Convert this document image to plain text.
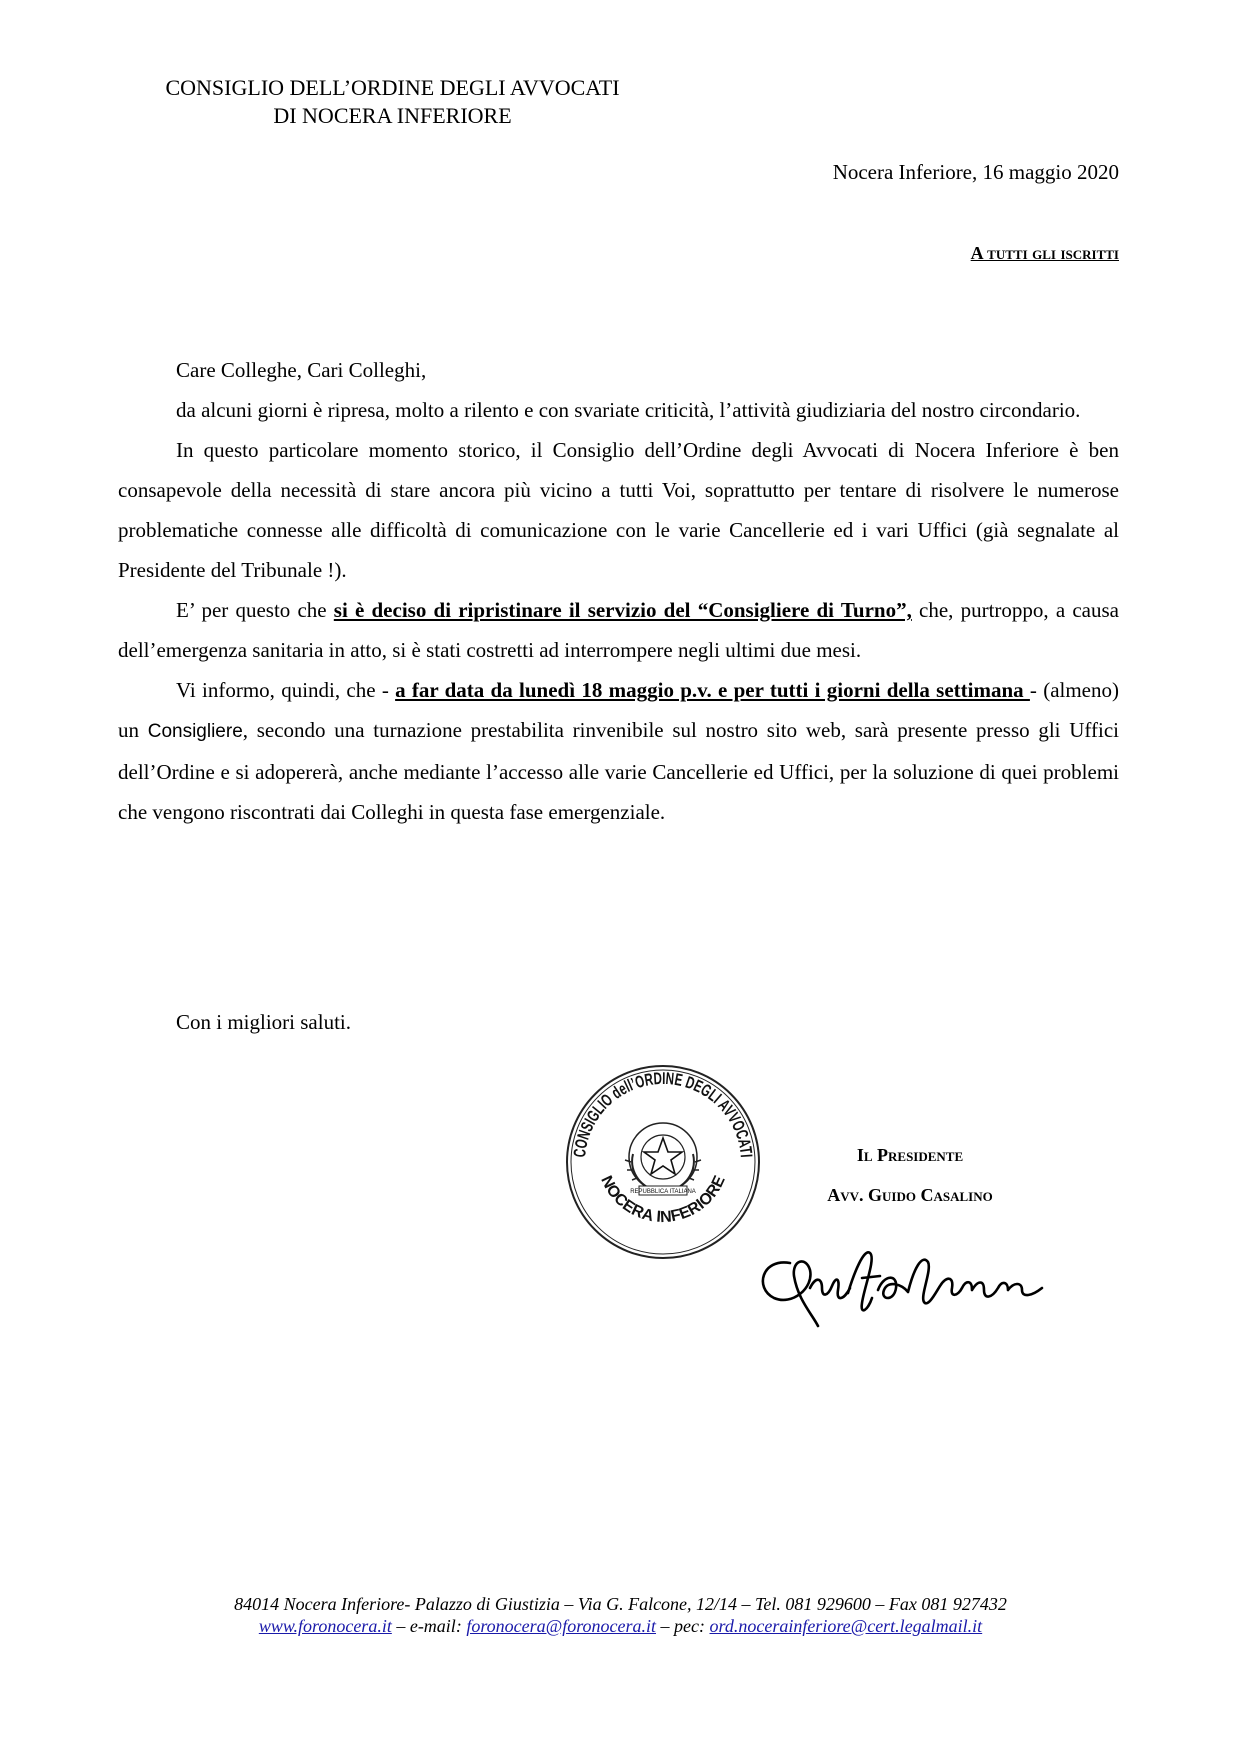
CONSIGLIO DELL’ORDINE DEGLI AVVOCATI
DI NOCERA INFERIORE
Nocera Inferiore, 16 maggio 2020
A tutti gli iscritti

Care Colleghe, Cari Colleghi,

da alcuni giorni è ripresa, molto a rilento e con svariate criticità, l’attività giudiziaria del nostro circondario.

In questo particolare momento storico, il Consiglio dell’Ordine degli Avvocati di Nocera Inferiore è ben consapevole della necessità di stare ancora più vicino a tutti Voi, soprattutto per tentare di risolvere le numerose problematiche connesse alle difficoltà di comunicazione con le varie Cancellerie ed i vari Uffici (già segnalate al Presidente del Tribunale !).

E’ per questo che si è deciso di ripristinare il servizio del “Consigliere di Turno”, che, purtroppo, a causa dell’emergenza sanitaria in atto, si è stati costretti ad interrompere negli ultimi due mesi.

Vi informo, quindi, che - a far data da lunedì 18 maggio p.v. e per tutti i giorni della settimana - (almeno) un Consigliere, secondo una turnazione prestabilita rinvenibile sul nostro sito web, sarà presente presso gli Uffici dell’Ordine e si adopererà, anche mediante l’accesso alle varie Cancellerie ed Uffici, per la soluzione di quei problemi che vengono riscontrati dai Colleghi in questa fase emergenziale.

Con i migliori saluti.
CONSIGLIO dell’ORDINE DEGLI AVVOCATI
NOCERA INFERIORE
REPUBBLICA ITALIANA
Il Presidente
Avv. Guido Casalino
84014 Nocera Inferiore- Palazzo di Giustizia – Via G. Falcone, 12/14 – Tel. 081 929600 – Fax 081 927432
www.foronocera.it – e-mail: foronocera@foronocera.it – pec: ord.nocerainferiore@cert.legalmail.it
